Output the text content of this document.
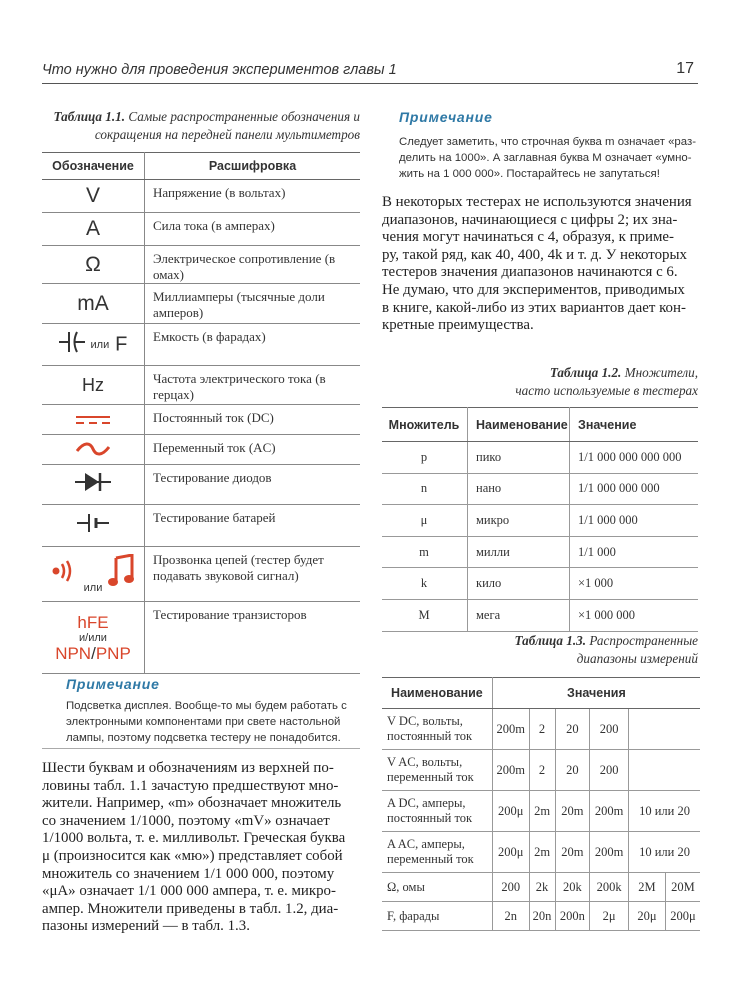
Что нужно для проведения экспериментов главы 1	17
Таблица 1.1. Самые распространенные обозначения и сокращения на передней панели мультиметров
Обозначение	Расшифровка
V	Напряжение (в вольтах)
A	Сила тока (в амперах)
Ω	Электрическое сопротивление (в омах)
mA	Миллиамперы (тысячные доли амперов)
или F	Емкость (в фарадах)
Hz	Частота электрического тока (в герцах)
	Постоянный ток (DC)
	Переменный ток (AC)
	Тестирование диодов
	Тестирование батарей
или	Прозвонка цепей (тестер будет подавать звуковой сигнал)

hFE
и/или
NPN/PNP	Тестирование транзисторов
Примечание
Подсветка дисплея. Вообще-то мы будем работать с
электронными компонентами при свете настольной
лампы, поэтому подсветка тестеру не понадобится.
Шести буквам и обозначениям из верхней по-
ловины табл. 1.1 зачастую предшествуют мно-
жители. Например, «m» обозначает множитель
со значением 1/1000, поэтому «mV» означает
1/1000 вольта, т. е. милливольт. Греческая буква
μ (произносится как «мю») представляет собой
множитель со значением 1/1 000 000, поэтому
«μА» означает 1/1 000 000 ампера, т. е. микро-
ампер. Множители приведены в табл. 1.2, диа-
пазоны измерений — в табл. 1.3.
Примечание
Следует заметить, что строчная буква m означает «раз-
делить на 1000». А заглавная буква M означает «умно-
жить на 1 000 000». Постарайтесь не запутаться!
В некоторых тестерах не используются значения
диапазонов, начинающиеся с цифры 2; их зна-
чения могут начинаться с 4, образуя, к приме-
ру, такой ряд, как 40, 400, 4k и т. д. У некоторых
тестеров значения диапазонов начинаются с 6.
Не думаю, что для экспериментов, приводимых
в книге, какой-либо из этих вариантов дает кон-
кретные преимущества.
Таблица 1.2. Множители,
часто используемые в тестерах
Множитель	Наименование	Значение
p	пико	1/1 000 000 000 000
n	нано	1/1 000 000 000
μ	микро	1/1 000 000
m	милли	1/1 000
k	кило	×1 000
M	мега	×1 000 000
Таблица 1.3. Распространенные
диапазоны измерений
Наименование	Значения					

V DC, вольты,
постоянный ток	200m	2	20	200		

V AC, вольты,
переменный ток	200m	2	20	200		

A DC, амперы,
постоянный ток	200μ	2m	20m	200m	10 или 20	

A AC, амперы,
переменный ток	200μ	2m	20m	200m	10 или 20	
Ω, омы	200	2k	20k	200k	2M	20M
F, фарады	2n	20n	200n	2μ	20μ	200μ
